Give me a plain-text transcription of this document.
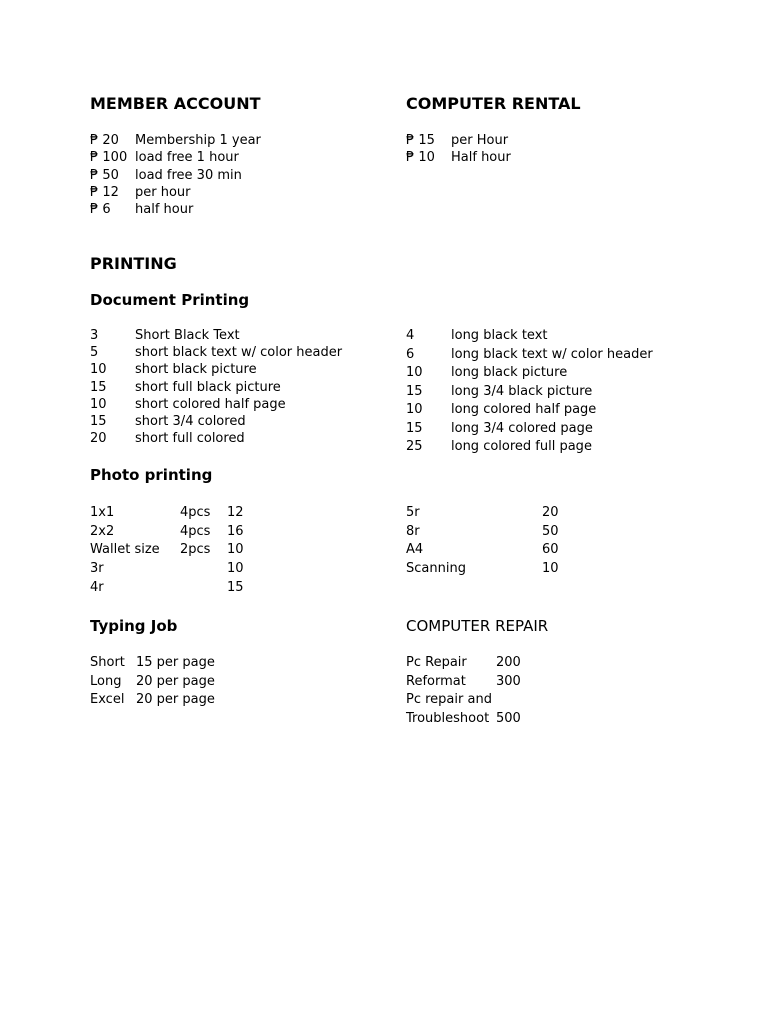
MEMBER ACCOUNT
₱ 20	Membership 1 year
₱ 100	load free 1 hour
₱ 50	load free 30 min
₱ 12	per hour
₱ 6	half hour
COMPUTER RENTAL
₱ 15	per Hour
₱ 10	Half hour
PRINTING
Document Printing
3	Short Black Text
5	short black text w/ color header
10	short black picture
15	short full black picture
10	short colored half page
15	short 3/4 colored
20	short full colored
4	long black text
6	long black text w/ color header
10	long black picture
15	long 3/4 black picture
10	long colored half page
15	long 3/4 colored page
25	long colored full page
Photo printing
1x1	4pcs	12
2x2	4pcs	16
Wallet size	2pcs	10
3r		10
4r		15
5r	20
8r	50
A4	60
Scanning	10
Typing Job
Short	15 per page
Long	20 per page
Excel	20 per page
COMPUTER REPAIR
Pc Repair	200
Reformat	300
Pc repair and	
Troubleshoot	500
